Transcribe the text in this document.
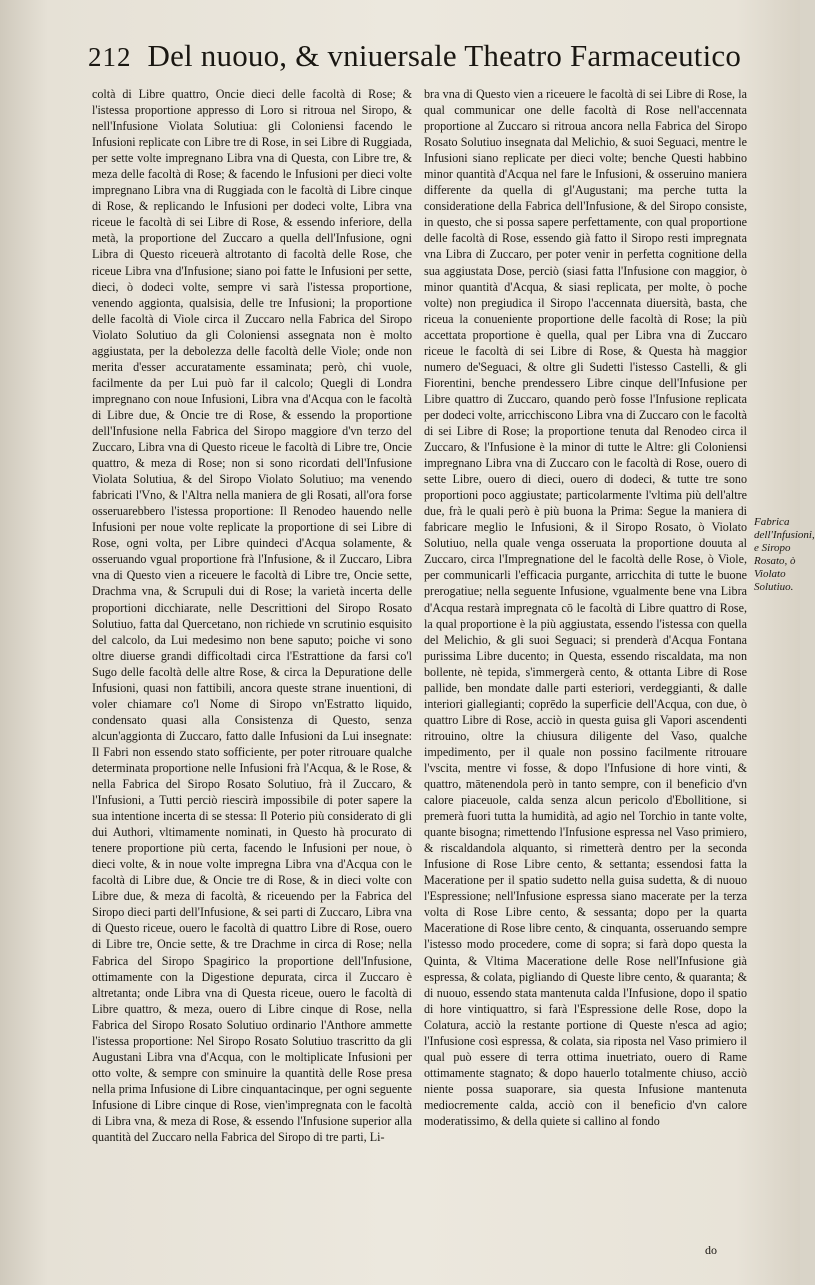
212 Del nuouo, & vniuersale Theatro Farmaceutico

coltà di Libre quattro, Oncie dieci delle facoltà di Rose; & l'istessa proportione appresso di Loro si ritroua nel Siropo, & nell'Infusione Violata Solutiua: gli Coloniensi facendo le Infusioni replicate con Libre tre di Rose, in sei Libre di Ruggiada, per sette volte impregnano Libra vna di Questa, con Libre tre, & meza delle facoltà di Rose; & facendo le Infusioni per dieci volte impregnano Libra vna di Ruggiada con le facoltà di Libre cinque di Rose, & replicando le Infusioni per dodeci volte, Libra vna riceue le facoltà di sei Libre di Rose, & essendo inferiore, della metà, la proportione del Zuccaro a quella dell'Infusione, ogni Libra di Questo riceuerà altrotanto di facoltà delle Rose, che riceue Libra vna d'Infusione; siano poi fatte le Infusioni per sette, dieci, ò dodeci volte, sempre vi sarà l'istessa proportione, venendo aggionta, qualsisia, delle tre Infusioni; la proportione delle facoltà di Viole circa il Zuccaro nella Fabrica del Siropo Violato Solutiuo da gli Coloniensi assegnata non è molto aggiustata, per la debolezza delle facoltà delle Viole; onde non merita d'esser accuratamente essaminata; però, chi vuole, facilmente da per Lui può far il calcolo; Quegli di Londra impregnano con noue Infusioni, Libra vna d'Acqua con le facoltà di Libre due, & Oncie tre di Rose, & essendo la proportione dell'Infusione nella Fabrica del Siropo maggiore d'vn terzo del Zuccaro, Libra vna di Questo riceue le facoltà di Libre tre, Oncie quattro, & meza di Rose; non si sono ricordati dell'Infusione Violata Solutiua, & del Siropo Violato Solutiuo; ma venendo fabricati l'Vno, & l'Altra nella maniera de gli Rosati, all'ora forse osseruarebbero l'istessa proportione: Il Renodeo hauendo nelle Infusioni per noue volte replicate la proportione di sei Libre di Rose, ogni volta, per Libre quindeci d'Acqua solamente, & osseruando vgual proportione frà l'Infusione, & il Zuccaro, Libra vna di Questo vien a riceuere le facoltà di Libre tre, Oncie sette, Drachma vna, & Scrupuli dui di Rose; la varietà incerta delle proportioni dicchiarate, nelle Descrittioni del Siropo Rosato Solutiuo, fatta dal Quercetano, non richiede vn scrutinio esquisito del calcolo, da Lui medesimo non bene saputo; poiche vi sono oltre diuerse grandi difficoltadi circa l'Estrattione da farsi co'l Sugo delle facoltà delle altre Rose, & circa la Depuratione delle Infusioni, quasi non fattibili, ancora queste strane inuentioni, di voler chiamare co'l Nome di Siropo vn'Estratto liquido, condensato quasi alla Consistenza di Questo, senza alcun'aggionta di Zuccaro, fatto dalle Infusioni da Lui insegnate: Il Fabri non essendo stato sofficiente, per poter ritrouare qualche determinata proportione nelle Infusioni frà l'Acqua, & le Rose, & nella Fabrica del Siropo Rosato Solutiuo, frà il Zuccaro, & l'Infusioni, a Tutti perciò riescirà impossibile di poter sapere la sua intentione incerta di se stessa: Il Poterio più considerato di gli dui Authori, vltimamente nominati, in Questo hà procurato di tenere proportione più certa, facendo le Infusioni per noue, ò dieci volte, & in noue volte impregna Libra vna d'Acqua con le facoltà di Libre due, & Oncie tre di Rose, & in dieci volte con Libre due, & meza di facoltà, & riceuendo per la Fabrica del Siropo dieci parti dell'Infusione, & sei parti di Zuccaro, Libra vna di Questo riceue, ouero le facoltà di quattro Libre di Rose, ouero di Libre tre, Oncie sette, & tre Drachme in circa di Rose; nella Fabrica del Siropo Spagirico la proportione dell'Infusione, ottimamente con la Digestione depurata, circa il Zuccaro è altretanta; onde Libra vna di Questa riceue, ouero le facoltà di Libre quattro, & meza, ouero di Libre cinque di Rose, nella Fabrica del Siropo Rosato Solutiuo ordinario l'Anthore ammette l'istessa proportione: Nel Siropo Rosato Solutiuo trascritto da gli Augustani Libra vna d'Acqua, con le moltiplicate Infusioni per otto volte, & sempre con sminuire la quantità delle Rose presa nella prima Infusione di Libre cinquantacinque, per ogni seguente Infusione di Libre cinque di Rose, vien'impregnata con le facoltà di Libra vna, & meza di Rose, & essendo l'Infusione superior alla quantità del Zuccaro nella Fabrica del Siropo di tre parti, Li-

bra vna di Questo vien a riceuere le facoltà di sei Libre di Rose, la qual communicar one delle facoltà di Rose nell'accennata proportione al Zuccaro si ritroua ancora nella Fabrica del Siropo Rosato Solutiuo insegnata dal Melichio, & suoi Seguaci, mentre le Infusioni siano replicate per dieci volte; benche Questi habbino minor quantità d'Acqua nel fare le Infusioni, & osseruino maniera differente da quella di gl'Augustani; ma perche tutta la consideratione della Fabrica dell'Infusione, & del Siropo consiste, in questo, che si possa sapere perfettamente, con qual proportione delle facoltà di Rose, essendo già fatto il Siropo resti impregnata vna Libra di Zuccaro, per poter venir in perfetta cognitione della sua aggiustata Dose, perciò (siasi fatta l'Infusione con maggior, ò minor quantità d'Acqua, & siasi replicata, per molte, ò poche volte) non pregiudica il Siropo l'accennata diuersità, basta, che riceua la conueniente proportione delle facoltà di Rose; la più accettata proportione è quella, qual per Libra vna di Zuccaro riceue le facoltà di sei Libre di Rose, & Questa hà maggior numero de'Seguaci, & oltre gli Sudetti l'istesso Castelli, & gli Fiorentini, benche prendessero Libre cinque dell'Infusione per Libre quattro di Zuccaro, quando però fosse l'Infusione replicata per dodeci volte, arricchiscono Libra vna di Zuccaro con le facoltà di sei Libre di Rose; la proportione tenuta dal Renodeo circa il Zuccaro, & l'Infusione è la minor di tutte le Altre: gli Coloniensi impregnano Libra vna di Zuccaro con le facoltà di Rose, ouero di sette Libre, ouero di dieci, ouero di dodeci, & tutte tre sono proportioni poco aggiustate; particolarmente l'vltima più dell'altre due, frà le quali però è più buona la Prima: Segue la maniera di fabricare meglio le Infusioni, & il Siropo Rosato, ò Violato Solutiuo, nella quale venga osseruata la proportione douuta al Zuccaro, circa l'Impregnatione del le facoltà delle Rose, ò Viole, per communicarli l'efficacia purgante, arricchita di tutte le buone prerogatiue; nella seguente Infusione, vgualmente bene vna Libra d'Acqua restarà impregnata cō le facoltà di Libre quattro di Rose, la qual proportione è la più aggiustata, essendo l'istessa con quella del Melichio, & gli suoi Seguaci; si prenderà d'Acqua Fontana purissima Libre ducento; in Questa, essendo riscaldata, ma non bollente, nè tepida, s'immergerà cento, & ottanta Libre di Rose pallide, ben mondate dalle parti esteriori, verdeggianti, & dalle interiori giallegianti; coprēdo la superficie dell'Acqua, con due, ò quattro Libre di Rose, acciò in questa guisa gli Vapori ascendenti ritrouino, oltre la chiusura diligente del Vaso, qualche impedimento, per il quale non possino facilmente ritrouare l'vscita, mentre vi fosse, & dopo l'Infusione di hore vinti, & quattro, mātenendola però in tanto sempre, con il beneficio d'vn calore piaceuole, calda senza alcun pericolo d'Ebollitione, si premerà fuori tutta la humidità, ad agio nel Torchio in tante volte, quante bisogna; rimettendo l'Infusione espressa nel Vaso primiero, & riscaldandola alquanto, si rimetterà dentro per la seconda Infusione di Rose Libre cento, & settanta; essendosi fatta la Maceratione per il spatio sudetto nella guisa sudetta, & di nuouo l'Espressione; nell'Infusione espressa siano macerate per la terza volta di Rose Libre cento, & sessanta; dopo per la quarta Maceratione di Rose libre cento, & cinquanta, osseruando sempre l'istesso modo procedere, come di sopra; si farà dopo questa la Quinta, & Vltima Maceratione delle Rose nell'Infusione già espressa, & colata, pigliando di Queste libre cento, & quaranta; & di nuouo, essendo stata mantenuta calda l'Infusione, dopo il spatio di hore vintiquattro, si farà l'Espressione delle Rose, dopo la Colatura, acciò la restante portione di Queste n'esca ad agio; l'Infusione così espressa, & colata, sia riposta nel Vaso primiero il qual può essere di terra ottima inuetriato, ouero di Rame ottimamente stagnato; & dopo hauerlo totalmente chiuso, acciò niente possa suaporare, sia questa Infusione mantenuta mediocremente calda, acciò con il beneficio d'vn calore moderatissimo, & della quiete si callino al fondo

Fabrica dell'Infusioni, e Siropo Rosato, ò Violato Solutiuo.
do
